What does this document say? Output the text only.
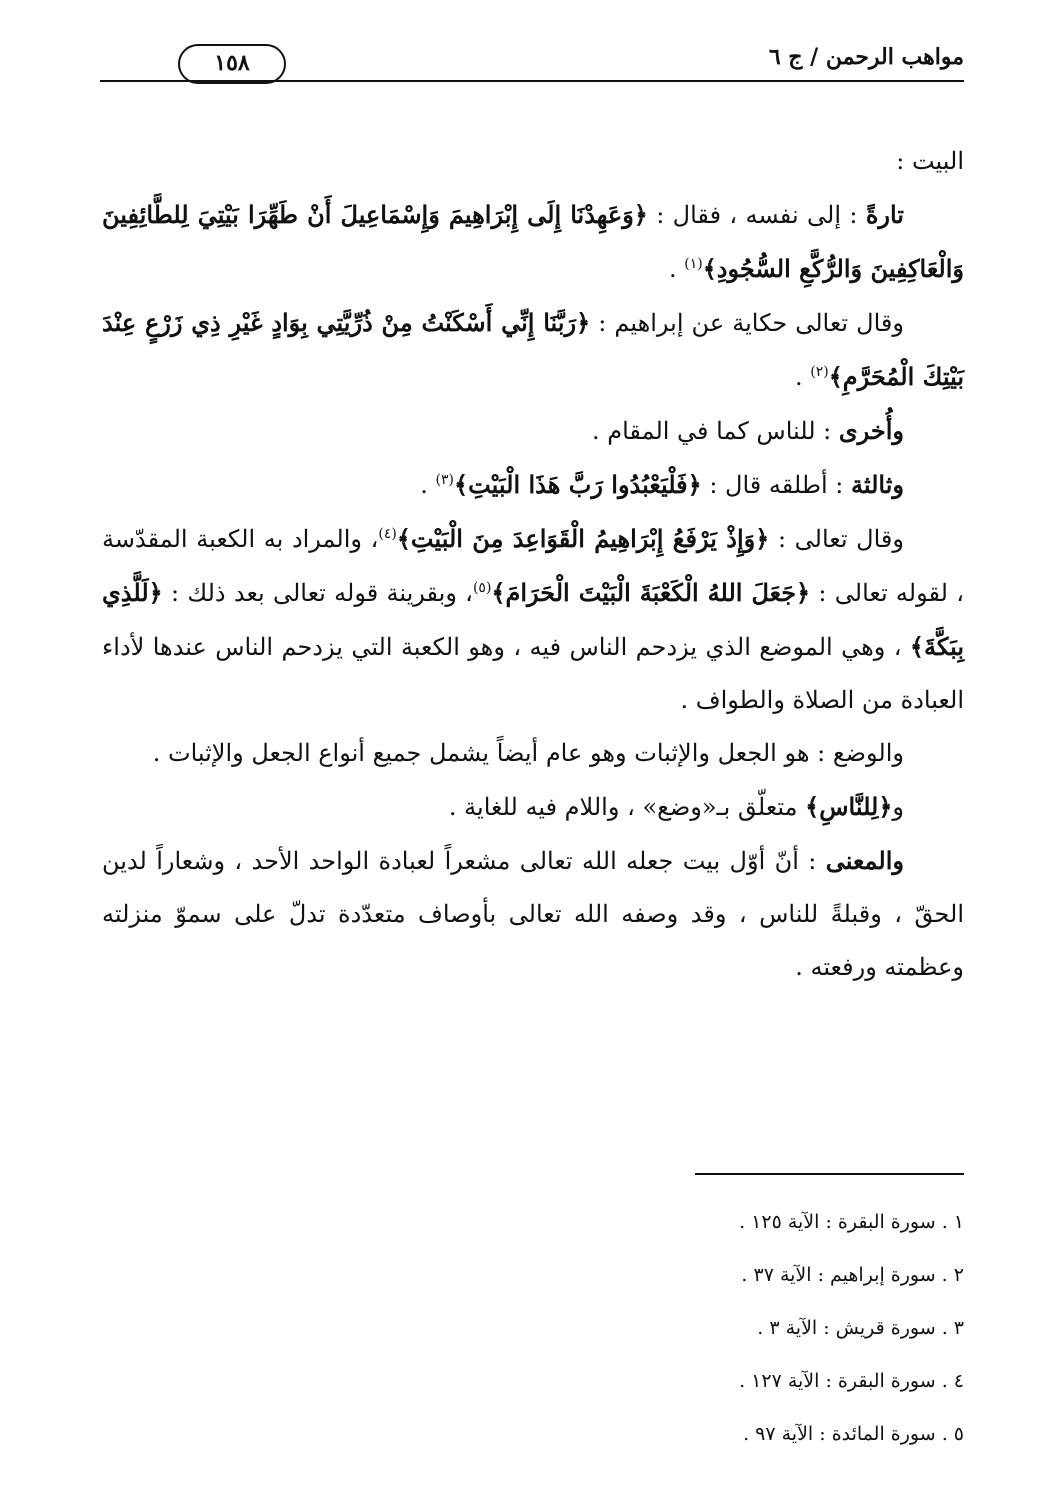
مواهب الرحمن / ج ٦
١٥٨

البيت :

تارةً : إلى نفسه ، فقال : ﴿وَعَهِدْنَا إِلَى إِبْرَاهِيمَ وَإِسْمَاعِيلَ أَنْ طَهِّرَا بَيْتِيَ لِلطَّائِفِينَ وَالْعَاكِفِينَ وَالرُّكَّعِ السُّجُودِ﴾$^{(١)}$ .

وقال تعالى حكاية عن إبراهيم : ﴿رَبَّنَا إِنِّي أَسْكَنْتُ مِنْ ذُرِّيَّتِي بِوَادٍ غَيْرِ ذِي زَرْعٍ عِنْدَ بَيْتِكَ الْمُحَرَّمِ﴾$^{(٢)}$ .

وأُخرى : للناس كما في المقام .

وثالثة : أطلقه قال : ﴿فَلْيَعْبُدُوا رَبَّ هَذَا الْبَيْتِ﴾$^{(٣)}$ .

وقال تعالى : ﴿وَإِذْ يَرْفَعُ إِبْرَاهِيمُ الْقَوَاعِدَ مِنَ الْبَيْتِ﴾$^{(٤)}$، والمراد به الكعبة المقدّسة ، لقوله تعالى : ﴿جَعَلَ اللهُ الْكَعْبَةَ الْبَيْتَ الْحَرَامَ﴾$^{(٥)}$، وبقرينة قوله تعالى بعد ذلك : ﴿لَلَّذِي بِبَكَّةَ﴾ ، وهي الموضع الذي يزدحم الناس فيه ، وهو الكعبة التي يزدحم الناس عندها لأداء العبادة من الصلاة والطواف .

والوضع : هو الجعل والإثبات وهو عام أيضاً يشمل جميع أنواع الجعل والإثبات .

و﴿لِلنَّاسِ﴾ متعلّق بـ«وضع» ، واللام فيه للغاية .

والمعنى : أنّ أوّل بيت جعله الله تعالى مشعراً لعبادة الواحد الأحد ، وشعاراً لدين الحقّ ، وقبلةً للناس ، وقد وصفه الله تعالى بأوصاف متعدّدة تدلّ على سموّ منزلته وعظمته ورفعته .

١ . سورة البقرة : الآية ١٢٥ .
٢ . سورة إبراهيم : الآية ٣٧ .
٣ . سورة قريش : الآية ٣ .
٤ . سورة البقرة : الآية ١٢٧ .
٥ . سورة المائدة : الآية ٩٧ .
